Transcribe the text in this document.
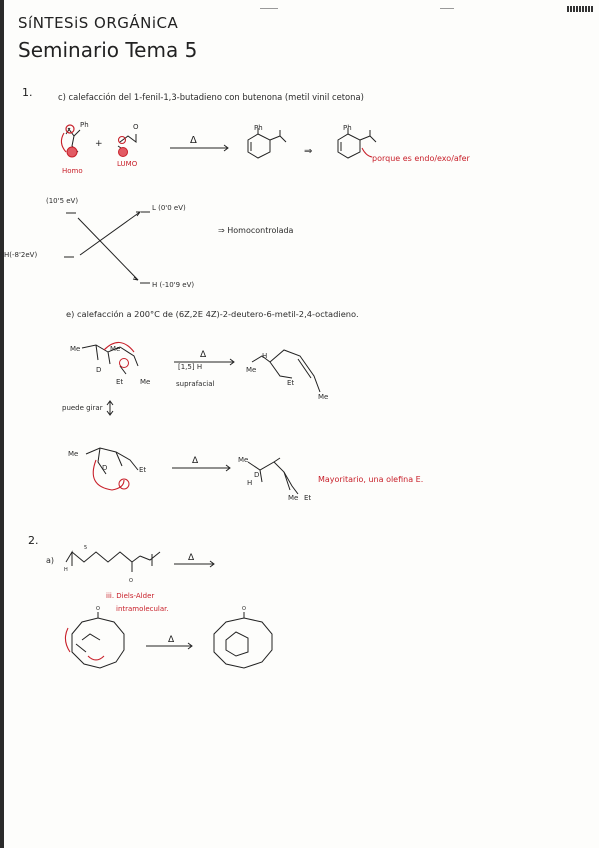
SíNTESiS ORGÁNiCA
Seminario Tema 5
1.	c) calefacción del 1-fenil-1,3-butadieno con butenona (metil vinil cetona)
Ph	O
Homo
LUMO
Δ
Ph
⇒
Ph
porque es endo/exo/afer
(10'5 eV)
L (0'0 eV)
H(-8'2eV)
H (-10'9 eV)
⇒ Homocontrolada
e) calefacción a 200°C de (6Z,2E 4Z)-2-deutero-6-metil-2,4-octadieno.
Me
D
Et Me
Me
Δ
[1,5] H
suprafacial
Me
H
Et
Me
puede girar
Me
Et
D
Δ	Me
D
H
Me Et
Mayoritario, una olefina E.
2.
a)	Δ
iii. Diels-Alder
intramolecular.
Δ
+
5
H
O
O
O
